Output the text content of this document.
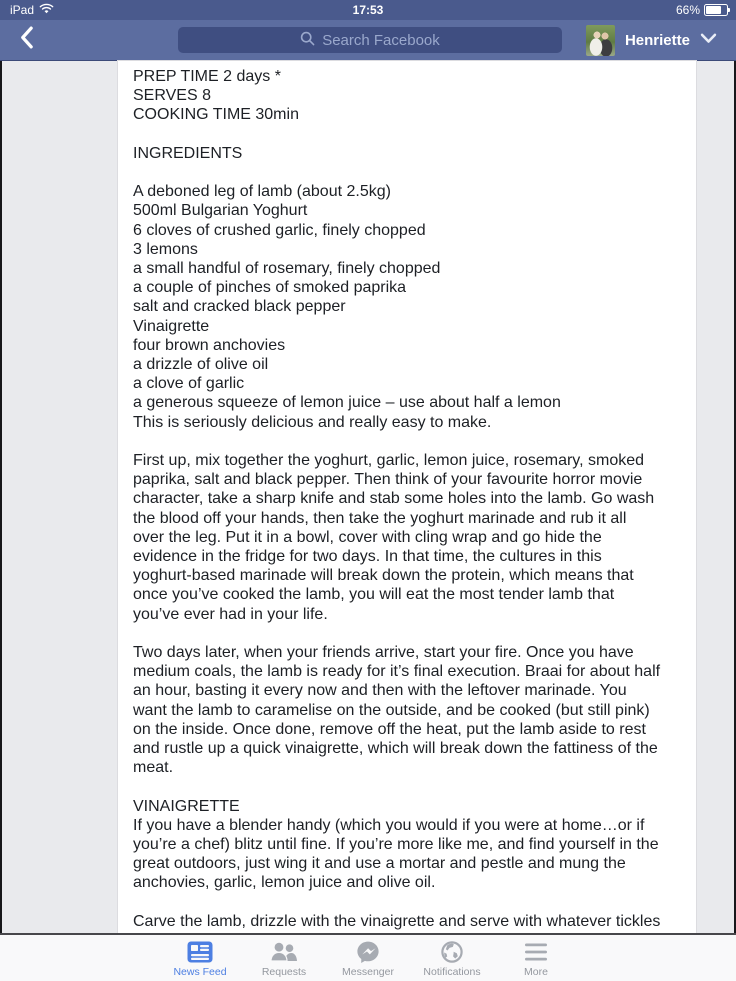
iPad	17:53	66%
Search Facebook	Henriette
PREP TIME 2 days *
SERVES 8
COOKING TIME 30min
INGREDIENTS
A deboned leg of lamb (about 2.5kg)
500ml Bulgarian Yoghurt
6 cloves of crushed garlic, finely chopped
3 lemons
a small handful of rosemary, finely chopped
a couple of pinches of smoked paprika
salt and cracked black pepper
Vinaigrette
four brown anchovies
a drizzle of olive oil
a clove of garlic
a generous squeeze of lemon juice – use about half a lemon
This is seriously delicious and really easy to make.
First up, mix together the yoghurt, garlic, lemon juice, rosemary, smoked
paprika, salt and black pepper. Then think of your favourite horror movie
character, take a sharp knife and stab some holes into the lamb. Go wash
the blood off your hands, then take the yoghurt marinade and rub it all
over the leg. Put it in a bowl, cover with cling wrap and go hide the
evidence in the fridge for two days. In that time, the cultures in this
yoghurt-based marinade will break down the protein, which means that
once you’ve cooked the lamb, you will eat the most tender lamb that
you’ve ever had in your life.
Two days later, when your friends arrive, start your fire. Once you have
medium coals, the lamb is ready for it’s final execution. Braai for about half
an hour, basting it every now and then with the leftover marinade. You
want the lamb to caramelise on the outside, and be cooked (but still pink)
on the inside. Once done, remove off the heat, put the lamb aside to rest
and rustle up a quick vinaigrette, which will break down the fattiness of the
meat.
VINAIGRETTE
If you have a blender handy (which you would if you were at home…or if
you’re a chef) blitz until fine. If you’re more like me, and find yourself in the
great outdoors, just wing it and use a mortar and pestle and mung the
anchovies, garlic, lemon juice and olive oil.
Carve the lamb, drizzle with the vinaigrette and serve with whatever tickles
News Feed	Requests	Messenger	Notifications	More
